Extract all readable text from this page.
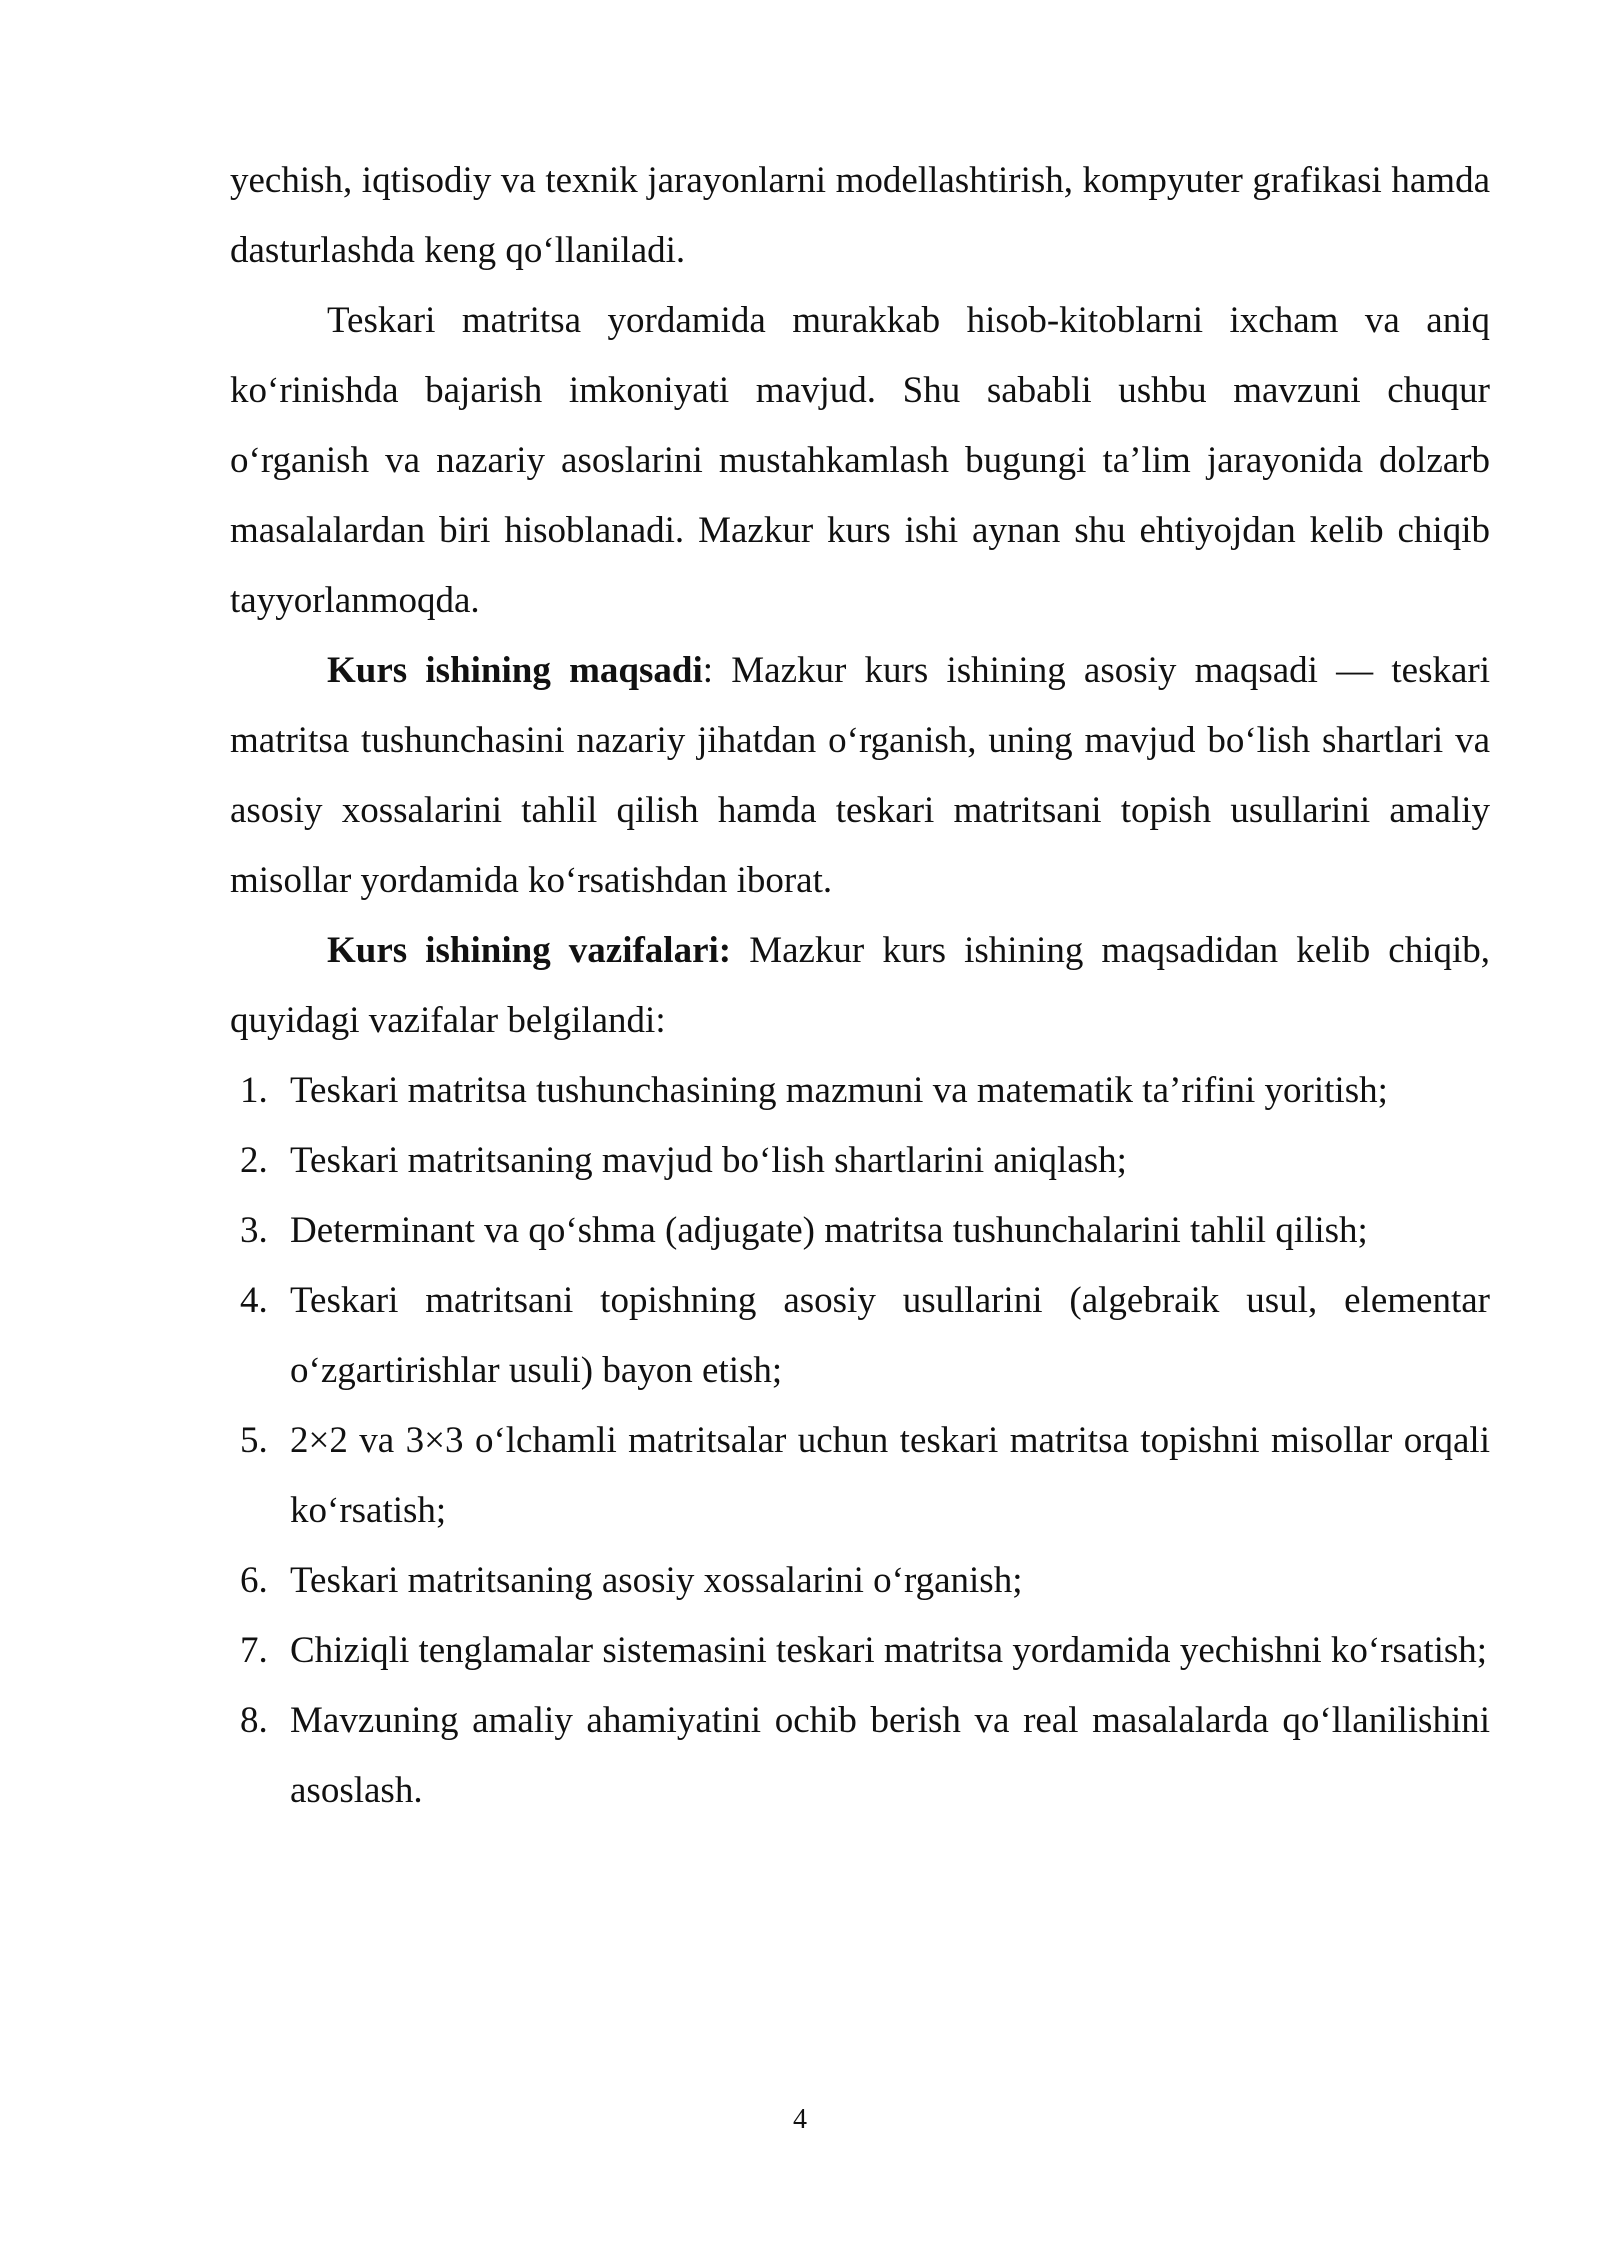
yechish, iqtisodiy va texnik jarayonlarni modellashtirish, kompyuter grafikasi hamda dasturlashda keng qo‘llaniladi.

Teskari matritsa yordamida murakkab hisob-kitoblarni ixcham va aniq ko‘rinishda bajarish imkoniyati mavjud. Shu sababli ushbu mavzuni chuqur o‘rganish va nazariy asoslarini mustahkamlash bugungi ta’lim jarayonida dolzarb masalalardan biri hisoblanadi. Mazkur kurs ishi aynan shu ehtiyojdan kelib chiqib tayyorlanmoqda.

Kurs ishining maqsadi: Mazkur kurs ishining asosiy maqsadi — teskari matritsa tushunchasini nazariy jihatdan o‘rganish, uning mavjud bo‘lish shartlari va asosiy xossalarini tahlil qilish hamda teskari matritsani topish usullarini amaliy misollar yordamida ko‘rsatishdan iborat.

Kurs ishining vazifalari: Mazkur kurs ishining maqsadidan kelib chiqib, quyidagi vazifalar belgilandi:

1. Teskari matritsa tushunchasining mazmuni va matematik ta’rifini yoritish;
2. Teskari matritsaning mavjud bo‘lish shartlarini aniqlash;
3. Determinant va qo‘shma (adjugate) matritsa tushunchalarini tahlil qilish;
4. Teskari matritsani topishning asosiy usullarini (algebraik usul, elementar o‘zgartirishlar usuli) bayon etish;
5. 2×2 va 3×3 o‘lchamli matritsalar uchun teskari matritsa topishni misollar orqali ko‘rsatish;
6. Teskari matritsaning asosiy xossalarini o‘rganish;
7. Chiziqli tenglamalar sistemasini teskari matritsa yordamida yechishni ko‘rsatish;
8. Mavzuning amaliy ahamiyatini ochib berish va real masalalarda qo‘llanilishini asoslash.
4
